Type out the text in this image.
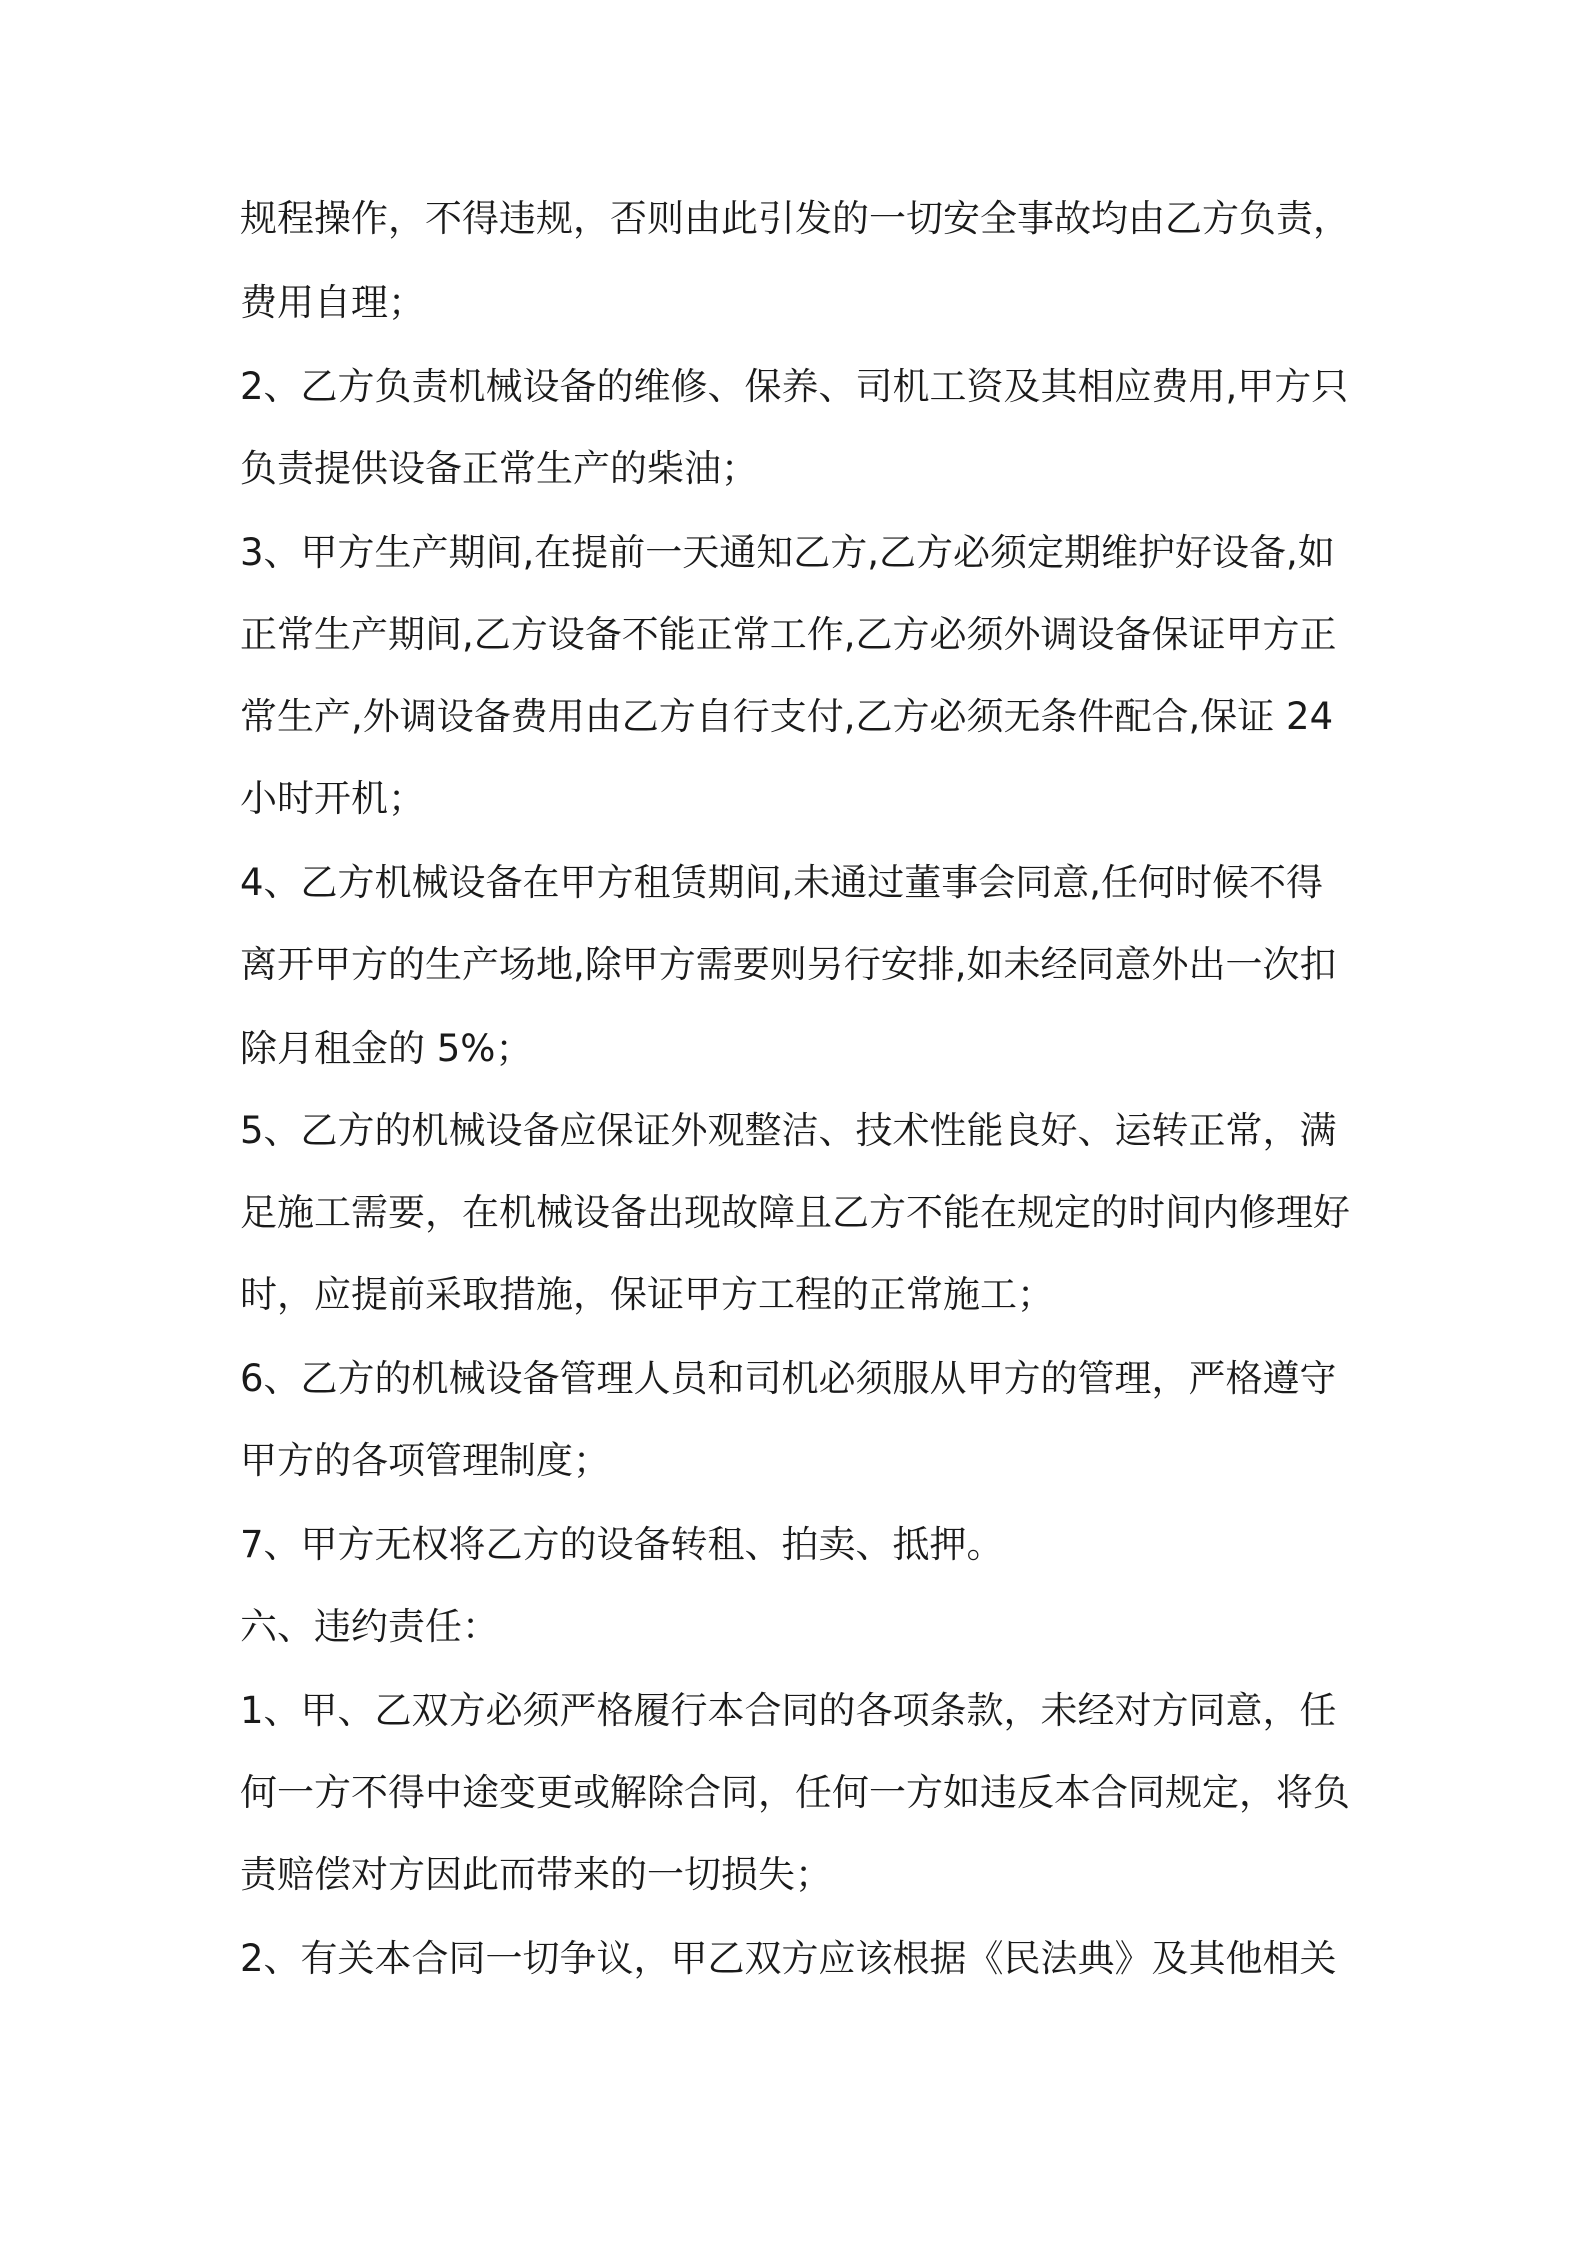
规程操作，不得违规，否则由此引发的一切安全事故均由乙方负责，
费用自理；
2、乙方负责机械设备的维修、保养、司机工资及其相应费用,甲方只
负责提供设备正常生产的柴油；
3、甲方生产期间,在提前一天通知乙方,乙方必须定期维护好设备,如
正常生产期间,乙方设备不能正常工作,乙方必须外调设备保证甲方正
常生产,外调设备费用由乙方自行支付,乙方必须无条件配合,保证 24
小时开机；
4、乙方机械设备在甲方租赁期间,未通过董事会同意,任何时候不得
离开甲方的生产场地,除甲方需要则另行安排,如未经同意外出一次扣
除月租金的 5%；
5、乙方的机械设备应保证外观整洁、技术性能良好、运转正常，满
足施工需要，在机械设备出现故障且乙方不能在规定的时间内修理好
时，应提前采取措施，保证甲方工程的正常施工；
6、乙方的机械设备管理人员和司机必须服从甲方的管理，严格遵守
甲方的各项管理制度；
7、甲方无权将乙方的设备转租、拍卖、抵押。
六、违约责任：
1、甲、乙双方必须严格履行本合同的各项条款，未经对方同意，任
何一方不得中途变更或解除合同，任何一方如违反本合同规定，将负
责赔偿对方因此而带来的一切损失；
2、有关本合同一切争议，甲乙双方应该根据《民法典》及其他相关
